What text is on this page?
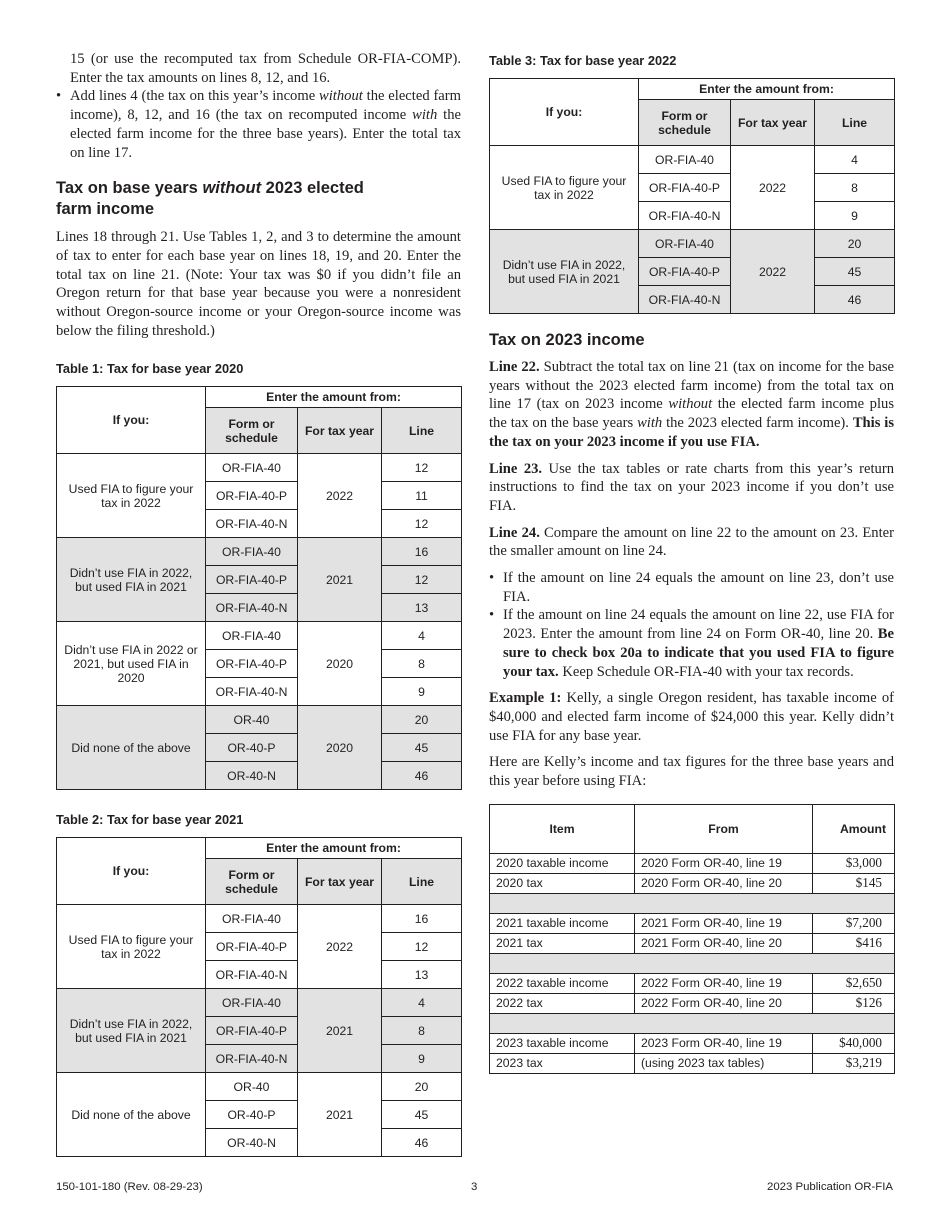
15 (or use the recomputed tax from Schedule OR-FIA-COMP). Enter the tax amounts on lines 8, 12, and 16.

• Add lines 4 (the tax on this year’s income without the elected farm income), 8, 12, and 16 (the tax on recomputed income with the elected farm income for the three base years). Enter the total tax on line 17.
Tax on base years without 2023 elected farm income

Lines 18 through 21. Use Tables 1, 2, and 3 to determine the amount of tax to enter for each base year on lines 18, 19, and 20. Enter the total tax on line 21. (Note: Your tax was $0 if you didn’t file an Oregon return for that base year because you were a nonresident without Oregon-source income or your Oregon-source income was below the filing threshold.)

Table 1: Tax for base year 2020
If you:	Enter the amount from:		
	Form or schedule	For tax year	Line
Used FIA to figure your tax in 2022	OR-FIA-40	2022	12
	OR-FIA-40-P		11
	OR-FIA-40-N		12
Didn’t use FIA in 2022, but used FIA in 2021	OR-FIA-40	2021	16
	OR-FIA-40-P		12
	OR-FIA-40-N		13
Didn’t use FIA in 2022 or 2021, but used FIA in 2020	OR-FIA-40	2020	4
	OR-FIA-40-P		8
	OR-FIA-40-N		9
Did none of the above	OR-40	2020	20
	OR-40-P		45
	OR-40-N		46
Table 2: Tax for base year 2021
If you:	Enter the amount from:		
	Form or schedule	For tax year	Line
Used FIA to figure your tax in 2022	OR-FIA-40	2022	16
	OR-FIA-40-P		12
	OR-FIA-40-N		13
Didn’t use FIA in 2022, but used FIA in 2021	OR-FIA-40	2021	4
	OR-FIA-40-P		8
	OR-FIA-40-N		9
Did none of the above	OR-40	2021	20
	OR-40-P		45
	OR-40-N		46
Table 3: Tax for base year 2022
If you:	Enter the amount from:		
	Form or schedule	For tax year	Line
Used FIA to figure your tax in 2022	OR-FIA-40	2022	4
	OR-FIA-40-P		8
	OR-FIA-40-N		9
Didn’t use FIA in 2022, but used FIA in 2021	OR-FIA-40	2022	20
	OR-FIA-40-P		45
	OR-FIA-40-N		46
Tax on 2023 income

Line 22. Subtract the total tax on line 21 (tax on income for the base years without the 2023 elected farm income) from the total tax on line 17 (tax on 2023 income without the elected farm income plus the tax on the base years with the 2023 elected farm income). This is the tax on your 2023 income if you use FIA.

Line 23. Use the tax tables or rate charts from this year’s return instructions to find the tax on your 2023 income if you don’t use FIA.

Line 24. Compare the amount on line 22 to the amount on 23. Enter the smaller amount on line 24.

• If the amount on line 24 equals the amount on line 23, don’t use FIA.
• If the amount on line 24 equals the amount on line 22, use FIA for 2023. Enter the amount from line 24 on Form OR-40, line 20. Be sure to check box 20a to indicate that you used FIA to figure your tax. Keep Schedule OR-FIA-40 with your tax records.

Example 1: Kelly, a single Oregon resident, has taxable income of $40,000 and elected farm income of $24,000 this year. Kelly didn’t use FIA for any base year.

Here are Kelly’s income and tax figures for the three base years and this year before using FIA:

Item	From	Amount
2020 taxable income	2020 Form OR-40, line 19	$3,000
2020 tax	2020 Form OR-40, line 20	$145

2021 taxable income	2021 Form OR-40, line 19	$7,200
2021 tax	2021 Form OR-40, line 20	$416

2022 taxable income	2022 Form OR-40, line 19	$2,650
2022 tax	2022 Form OR-40, line 20	$126

2023 taxable income	2023 Form OR-40, line 19	$40,000
2023 tax	(using 2023 tax tables)	$3,219
150-101-180 (Rev. 08-29-23)	3	2023 Publication OR-FIA
